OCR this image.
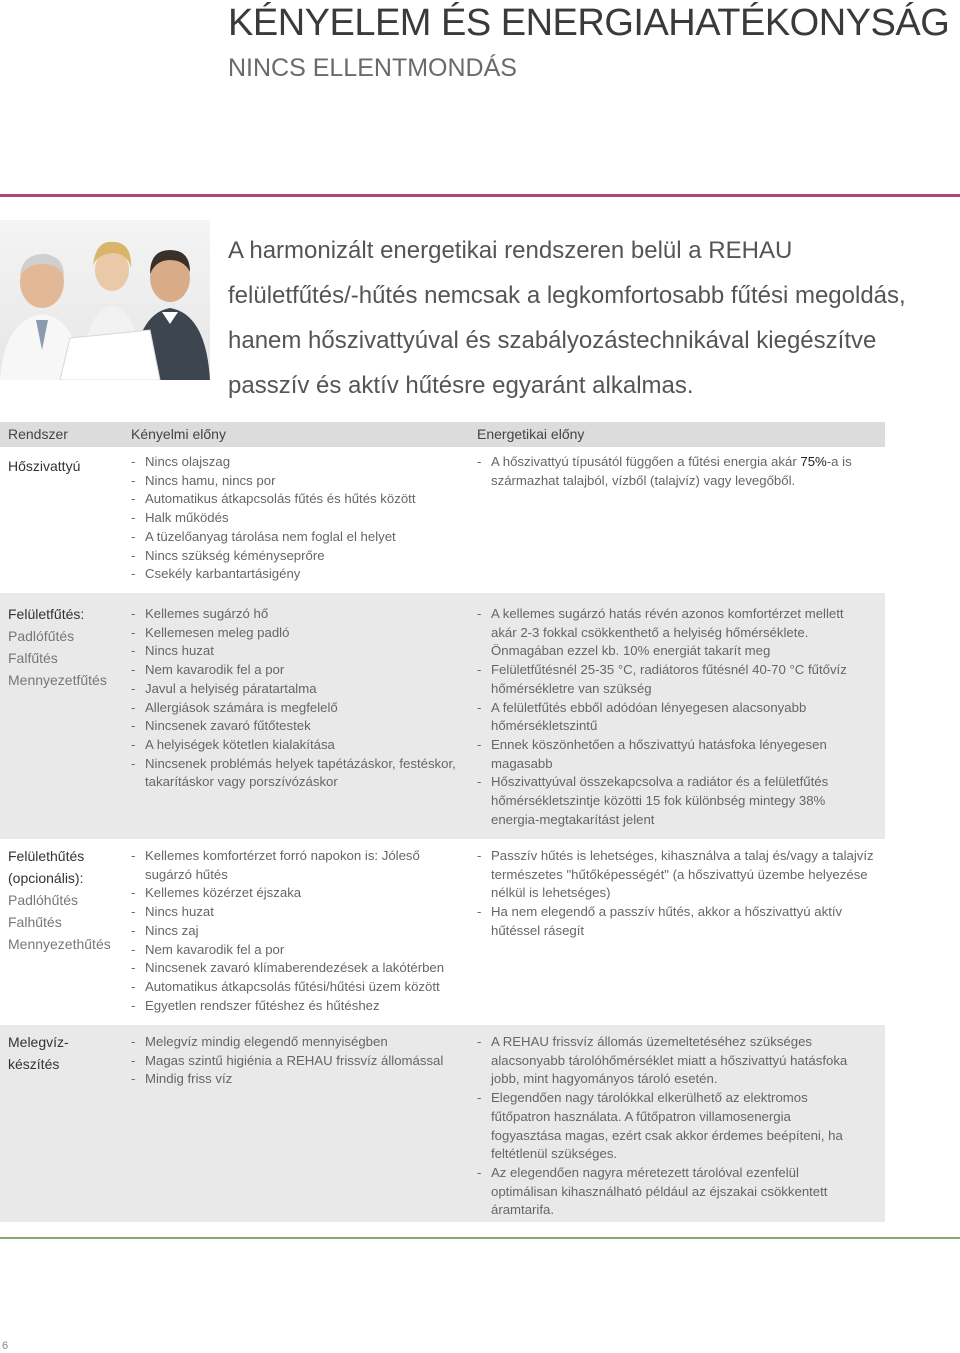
KÉNYELEM ÉS ENERGIAHATÉKONYSÁG
NINCS ELLENTMONDÁS
A harmonizált energetikai rendszeren belül a REHAU
felületfűtés/-hűtés nemcsak a legkomfortosabb fűtési megoldás,
hanem hőszivattyúval és szabályozástechnikával kiegészítve
passzív és aktív hűtésre egyaránt alkalmas.
Rendszer	Kényelmi előny	Energetikai előny
Hőszivattyú
-	Nincs olajszag
- Nincs hamu, nincs por
- Automatikus átkapcsolás fűtés és hűtés között
- Halk működés
- A tüzelőanyag tárolása nem foglal el helyet
- Nincs szükség kéményseprőre
- Csekély karbantartásigény
- A hőszivattyú típusától függően a fűtési energia akár 75%-a is származhat talajból, vízből (talajvíz) vagy levegőből.
Felületfűtés:
Padlófűtés
Falfűtés
Mennyezetfűtés
- Kellemes sugárzó hő
- Kellemesen meleg padló
- Nincs huzat
- Nem kavarodik fel a por
- Javul a helyiség páratartalma
- Allergiások számára is megfelelő
- Nincsenek zavaró fűtőtestek
- A helyiségek kötetlen kialakítása
- Nincsenek problémás helyek tapétázáskor, festéskor, takarításkor vagy porszívózáskor
- A kellemes sugárzó hatás révén azonos komfortérzet mellett akár 2-3 fokkal csökkenthető a helyiség hőmérséklete. Önmagában ezzel kb. 10% energiát takarít meg
- Felületfűtésnél 25-35 °C, radiátoros fűtésnél 40-70 °C fűtővíz hőmérsékletre van szükség
- A felületfűtés ebből adódóan lényegesen alacsonyabb hőmérsékletszintű
- Ennek köszönhetően a hőszivattyú hatásfoka lényegesen magasabb
- Hőszivattyúval összekapcsolva a radiátor és a felületfűtés hőmérsékletszintje közötti 15 fok különbség mintegy 38% energia-megtakarítást jelent
Felülethűtés (opcionális):
Padlóhűtés
Falhűtés
Mennyezethűtés
- Kellemes komfortérzet forró napokon is: Jóleső sugárzó hűtés
- Kellemes közérzet éjszaka
- Nincs huzat
- Nincs zaj
- Nem kavarodik fel a por
- Nincsenek zavaró klímaberendezések a lakótérben
- Automatikus átkapcsolás fűtési/hűtési üzem között
- Egyetlen rendszer fűtéshez és hűtéshez
- Passzív hűtés is lehetséges, kihasználva a talaj és/vagy a talajvíz természetes "hűtőképességét" (a hőszivattyú üzembe helyezése nélkül is lehetséges)
- Ha nem elegendő a passzív hűtés, akkor a hőszivattyú aktív hűtéssel rásegít
Melegvíz-készítés
- Melegvíz mindig elegendő mennyiségben
- Magas szintű higiénia a REHAU frissvíz állomással
- Mindig friss víz
- A REHAU frissvíz állomás üzemeltetéséhez szükséges alacsonyabb tárolóhőmérséklet miatt a hőszivattyú hatásfoka jobb, mint hagyományos tároló esetén.
- Elegendően nagy tárolókkal elkerülhető az elektromos fűtőpatron használata. A fűtőpatron villamosenergia fogyasztása magas, ezért csak akkor érdemes beépíteni, ha feltétlenül szükséges.
- Az elegendően nagyra méretezett tárolóval ezenfelül optimálisan kihasználható például az éjszakai csökkentett áramtarifa.
6
